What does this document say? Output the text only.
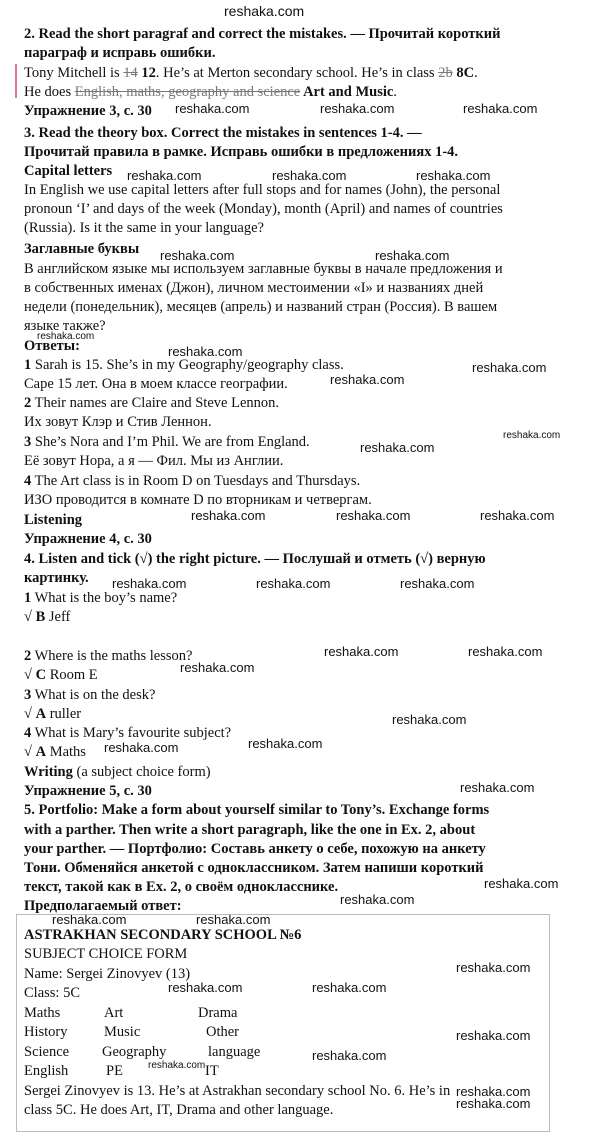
reshaka.com
2. Read the short paragraf and correct the mistakes. — Прочитай короткий
параграф и исправь ошибки.
Tony Mitchell is 14 12. He’s at Merton secondary school. He’s in class 2b 8C.
He does English, maths, geography and science Art and Music.
Упражнение 3, с. 30 reshaka.com	reshaka.com	reshaka.com
3. Read the theory box. Correct the mistakes in sentences 1-4. —
Прочитай правила в рамке. Исправь ошибки в предложениях 1-4.
Capital letters reshaka.com	reshaka.com	reshaka.com
In English we use capital letters after full stops and for names (John), the personal
pronoun ‘I’ and days of the week (Monday), month (April) and names of countries
(Russia). Is it the same in your language?
Заглавные буквы reshaka.com	reshaka.com
В английском языке мы используем заглавные буквы в начале предложения и
в собственных именах (Джон), личном местоимении «I» и названиях дней
недели (понедельник), месяцев (апрель) и названий стран (Россия). В вашем
языке также?
reshaka.com
Ответы:	reshaka.com
1 Sarah is 15. She’s in my Geography/geography class.	reshaka.com
Саре 15 лет. Она в моем классе географии.	reshaka.com
2 Their names are Claire and Steve Lennon.
Их зовут Клэр и Стив Леннон.
3 She’s Nora and I’m Phil. We are from England.	reshaka.com
reshaka.com
Её зовут Нора, а я — Фил. Мы из Англии.
4 The Art class is in Room D on Tuesdays and Thursdays.
ИЗО проводится в комнате D по вторникам и четвергам.
Listening	reshaka.com	reshaka.com	reshaka.com
Упражнение 4, с. 30
4. Listen and tick (√) the right picture. — Послушай и отметь (√) верную
картинку. reshaka.com	reshaka.com	reshaka.com
1 What is the boy’s name?
√ B Jeff
2 Where is the maths lesson?	reshaka.com	reshaka.com
reshaka.com
√ C Room E
3 What is on the desk?
√ A ruller	reshaka.com
4 What is Mary’s favourite subject?
reshaka.com
√ A Maths reshaka.com
Writing (a subject choice form)
Упражнение 5, с. 30	reshaka.com
5. Portfolio: Make a form about yourself similar to Tony’s. Exchange forms
with a parther. Then write a short paragraph, like the one in Ex. 2, about
your parther. — Портфолио: Составь анкету о себе, похожую на анкету
Тони. Обменяйся анкетой с одноклассником. Затем напиши короткий
reshaka.com
текст, такой как в Ex. 2, о своём однокласснике.
reshaka.com
Предполагаемый ответ:
reshaka.com	reshaka.com
ASTRAKHAN SECONDARY SCHOOL №6
SUBJECT CHOICE FORM
Name: Sergei Zinovyev (13)	reshaka.com
Class: 5C	reshaka.com	reshaka.com
Maths	Art	Drama
History	Music	Other	reshaka.com
Science Geography	language	reshaka.com
English	PE	reshaka.com IT
Sergei Zinovyev is 13. He’s at Astrakhan secondary school No. 6. He’s in reshaka.com
reshaka.com
class 5C. He does Art, IT, Drama and other language.
